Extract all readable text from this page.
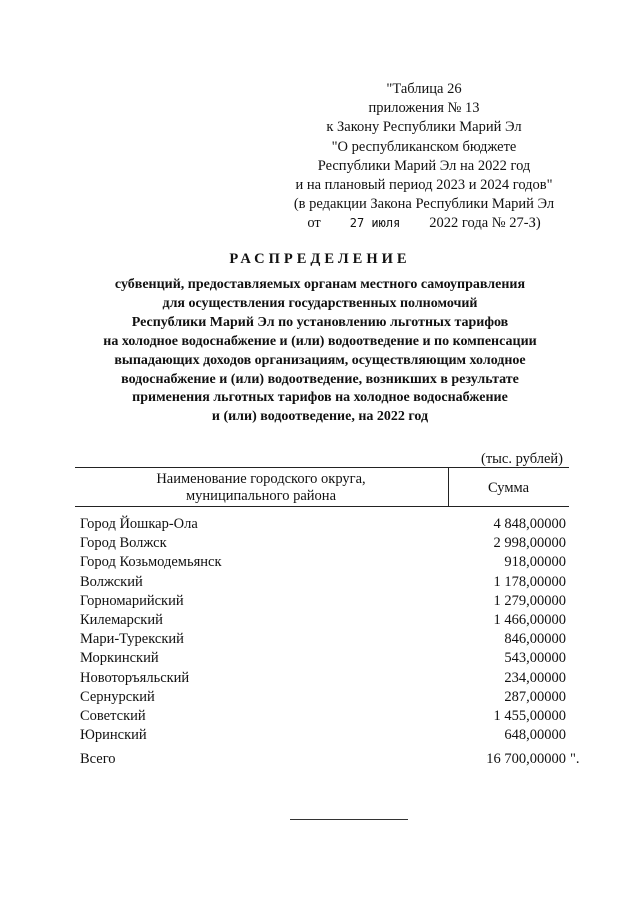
"Таблица 26
приложения № 13
к Закону Республики Марий Эл
"О республиканском бюджете
Республики Марий Эл на 2022 год
и на плановый период 2023 и 2024 годов"
(в редакции Закона Республики Марий Эл
от 27 июля 2022 года № 27-З)
РАСПРЕДЕЛЕНИЕ
субвенций, предоставляемых органам местного самоуправления
для осуществления государственных полномочий
Республики Марий Эл по установлению льготных тарифов
на холодное водоснабжение и (или) водоотведение и по компенсации
выпадающих доходов организациям, осуществляющим холодное
водоснабжение и (или) водоотведение, возникших в результате
применения льготных тарифов на холодное водоснабжение
и (или) водоотведение, на 2022 год
(тыс. рублей)
Наименование городского округа,
муниципального района	Сумма
Город Йошкар-Ола	4 848,00000
Город Волжск	2 998,00000
Город Козьмодемьянск	918,00000
Волжский	1 178,00000
Горномарийский	1 279,00000
Килемарский	1 466,00000
Мари-Турекский	846,00000
Моркинский	543,00000
Новоторъяльский	234,00000
Сернурский	287,00000
Советский	1 455,00000
Юринский	648,00000
Всего	16 700,00000 ".
